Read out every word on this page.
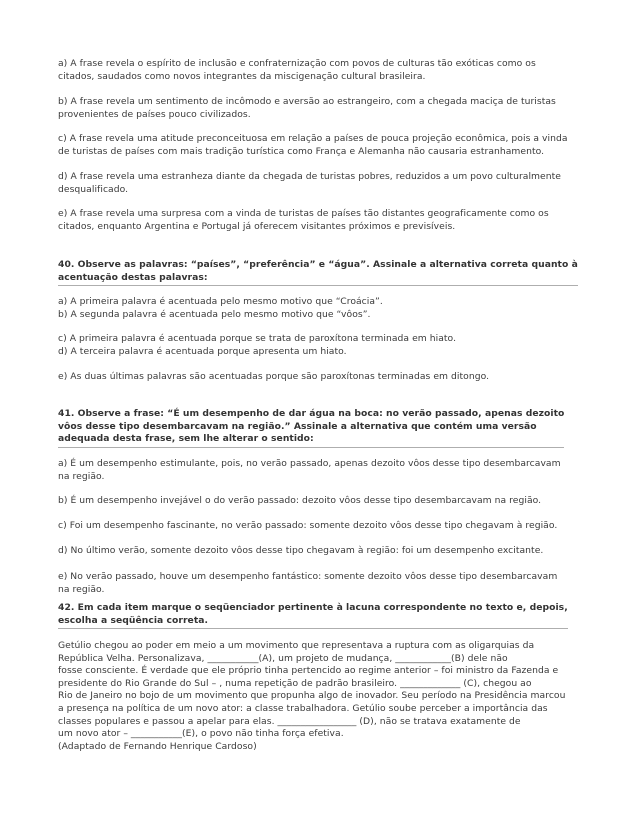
a) A frase revela o espírito de inclusão e confraternização com povos de culturas tão exóticas como os
citados, saudados como novos integrantes da miscigenação cultural brasileira.
b) A frase revela um sentimento de incômodo e aversão ao estrangeiro, com a chegada maciça de turistas
provenientes de países pouco civilizados.
c) A frase revela uma atitude preconceituosa em relação a países de pouca projeção econômica, pois a vinda
de turistas de países com mais tradição turística como França e Alemanha não causaria estranhamento.
d) A frase revela uma estranheza diante da chegada de turistas pobres, reduzidos a um povo culturalmente
desqualificado.
e) A frase revela uma surpresa com a vinda de turistas de países tão distantes geograficamente como os
citados, enquanto Argentina e Portugal já oferecem visitantes próximos e previsíveis.
40. Observe as palavras: “países”, “preferência” e “água”. Assinale a alternativa correta quanto à
acentuação destas palavras:
a) A primeira palavra é acentuada pelo mesmo motivo que “Croácia”.
b) A segunda palavra é acentuada pelo mesmo motivo que “vôos”.
c) A primeira palavra é acentuada porque se trata de paroxítona terminada em hiato.
d) A terceira palavra é acentuada porque apresenta um hiato.
e) As duas últimas palavras são acentuadas porque são paroxítonas terminadas em ditongo.
41. Observe a frase: “É um desempenho de dar água na boca: no verão passado, apenas dezoito
vôos desse tipo desembarcavam na região.” Assinale a alternativa que contém uma versão
adequada desta frase, sem lhe alterar o sentido:
a) É um desempenho estimulante, pois, no verão passado, apenas dezoito vôos desse tipo desembarcavam
na região.
b) É um desempenho invejável o do verão passado: dezoito vôos desse tipo desembarcavam na região.
c) Foi um desempenho fascinante, no verão passado: somente dezoito vôos desse tipo chegavam à região.
d) No último verão, somente dezoito vôos desse tipo chegavam à região: foi um desempenho excitante.
e) No verão passado, houve um desempenho fantástico: somente dezoito vôos desse tipo desembarcavam
na região.
42. Em cada item marque o seqüenciador pertinente à lacuna correspondente no texto e, depois,
escolha a seqüência correta.
Getúlio chegou ao poder em meio a um movimento que representava a ruptura com as oligarquias da
República Velha. Personalizava, ___________(A), um projeto de mudança, ____________(B) dele não
fosse consciente. É verdade que ele próprio tinha pertencido ao regime anterior – foi ministro da Fazenda e
presidente do Rio Grande do Sul – , numa repetição de padrão brasileiro. _____________ (C), chegou ao
Rio de Janeiro no bojo de um movimento que propunha algo de inovador. Seu período na Presidência marcou
a presença na política de um novo ator: a classe trabalhadora. Getúlio soube perceber a importância das
classes populares e passou a apelar para elas. _________________ (D), não se tratava exatamente de
um novo ator – ___________(E), o povo não tinha força efetiva.
(Adaptado de Fernando Henrique Cardoso)
